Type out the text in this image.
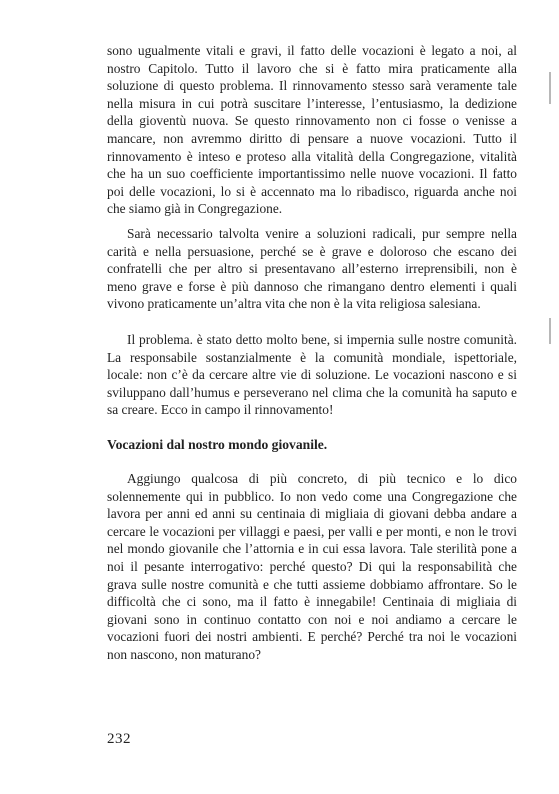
sono ugualmente vitali e gravi, il fatto delle vocazioni è legato a noi, al nostro Capitolo. Tutto il lavoro che si è fatto mira praticamente alla soluzione di questo problema. Il rinnovamento stesso sarà veramente tale nella misura in cui potrà suscitare l’interesse, l’entusiasmo, la dedizione della gioventù nuova. Se questo rinnovamento non ci fosse o venisse a mancare, non avremmo diritto di pensare a nuove vocazioni. Tutto il rinnovamento è inteso e proteso alla vitalità della Congregazione, vitalità che ha un suo coefficiente importantissimo nelle nuove vocazioni. Il fatto poi delle vocazioni, lo si è accennato ma lo ribadisco, riguarda anche noi che siamo già in Congregazione.

Sarà necessario talvolta venire a soluzioni radicali, pur sempre nella carità e nella persuasione, perché se è grave e doloroso che escano dei confratelli che per altro si presentavano all’esterno irreprensibili, non è meno grave e forse è più dannoso che rimangano dentro elementi i quali vivono praticamente un’altra vita che non è la vita religiosa salesiana.

Il problema. è stato detto molto bene, si impernia sulle nostre comunità. La responsabile sostanzialmente è la comunità mondiale, ispettoriale, locale: non c’è da cercare altre vie di soluzione. Le vocazioni nascono e si sviluppano dall’humus e perseverano nel clima che la comunità ha saputo e sa creare. Ecco in campo il rinnovamento!

Vocazioni dal nostro mondo giovanile.

Aggiungo qualcosa di più concreto, di più tecnico e lo dico solennemente qui in pubblico. Io non vedo come una Congregazione che lavora per anni ed anni su centinaia di migliaia di giovani debba andare a cercare le vocazioni per villaggi e paesi, per valli e per monti, e non le trovi nel mondo giovanile che l’attornia e in cui essa lavora. Tale sterilità pone a noi il pesante interrogativo: perché questo? Di qui la responsabilità che grava sulle nostre comunità e che tutti assieme dobbiamo affrontare. So le difficoltà che ci sono, ma il fatto è innegabile! Centinaia di migliaia di giovani sono in continuo contatto con noi e noi andiamo a cercare le vocazioni fuori dei nostri ambienti. E perché? Perché tra noi le vocazioni non nascono, non maturano?

232
